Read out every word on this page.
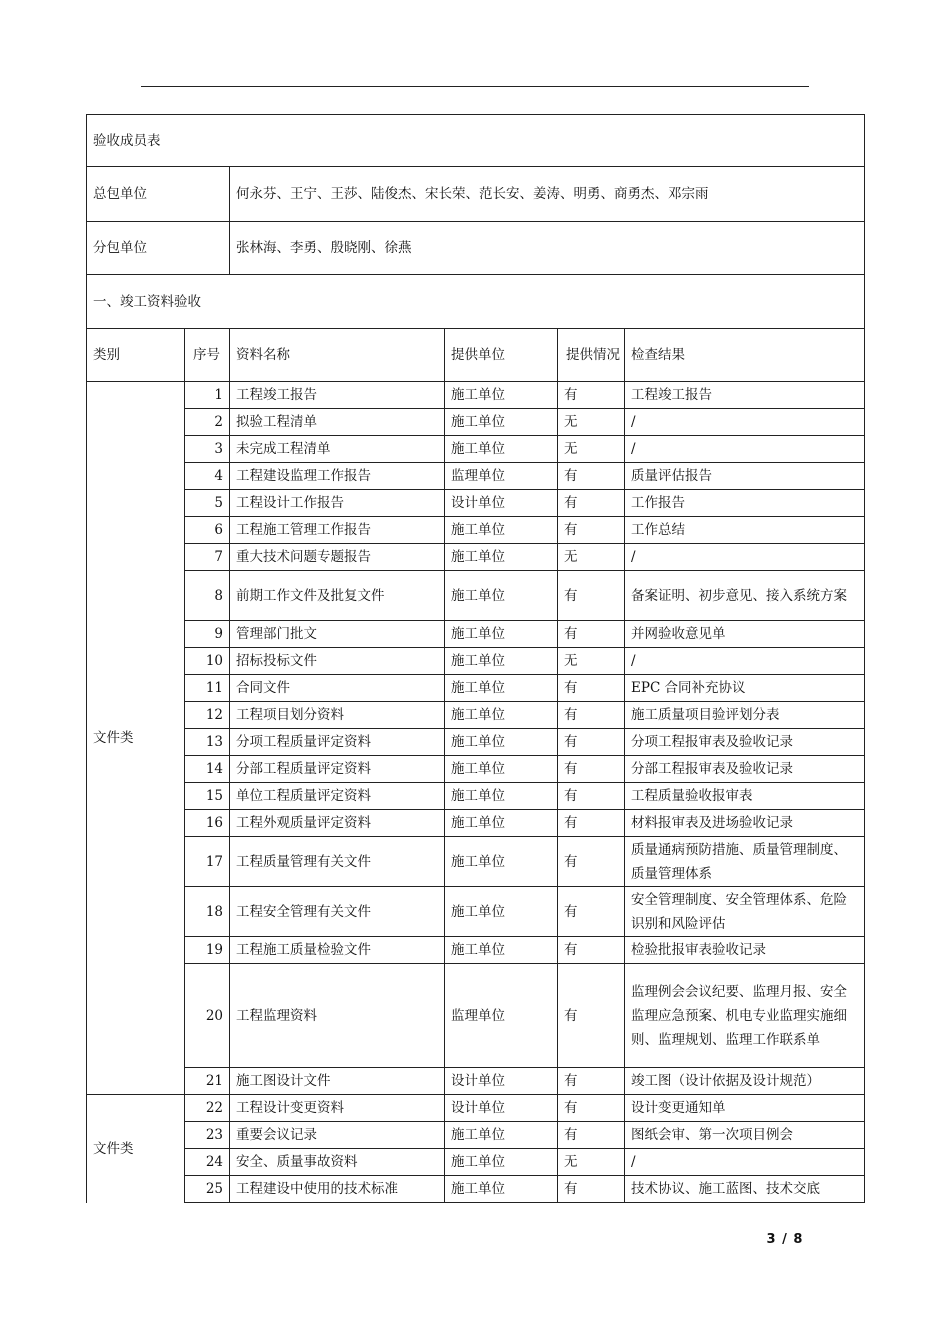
验收成员表					
总包单位		何永芬、王宁、王莎、陆俊杰、宋长荣、范长安、姜涛、明勇、商勇杰、邓宗雨			
分包单位		张林海、李勇、殷晓刚、徐燕			
一、竣工资料验收					
类别	序号	资料名称	提供单位	提供情况	检查结果
文件类	1	工程竣工报告	施工单位	有	工程竣工报告
	2	拟验工程清单	施工单位	无	/
	3	未完成工程清单	施工单位	无	/
	4	工程建设监理工作报告	监理单位	有	质量评估报告
	5	工程设计工作报告	设计单位	有	工作报告
	6	工程施工管理工作报告	施工单位	有	工作总结
	7	重大技术问题专题报告	施工单位	无	/
	8	前期工作文件及批复文件	施工单位	有	备案证明、初步意见、接入系统方案
	9	管理部门批文	施工单位	有	并网验收意见单
	10	招标投标文件	施工单位	无	/
	11	合同文件	施工单位	有	EPC 合同补充协议
	12	工程项目划分资料	施工单位	有	施工质量项目验评划分表
	13	分项工程质量评定资料	施工单位	有	分项工程报审表及验收记录
	14	分部工程质量评定资料	施工单位	有	分部工程报审表及验收记录
	15	单位工程质量评定资料	施工单位	有	工程质量验收报审表
	16	工程外观质量评定资料	施工单位	有	材料报审表及进场验收记录
	17	工程质量管理有关文件	施工单位	有	质量通病预防措施、质量管理制度、质量管理体系
	18	工程安全管理有关文件	施工单位	有	安全管理制度、安全管理体系、危险识别和风险评估
	19	工程施工质量检验文件	施工单位	有	检验批报审表验收记录
	20	工程监理资料	监理单位	有	监理例会会议纪要、监理月报、安全监理应急预案、机电专业监理实施细则、监理规划、监理工作联系单
	21	施工图设计文件	设计单位	有	竣工图（设计依据及设计规范）
文件类	22	工程设计变更资料	设计单位	有	设计变更通知单
	23	重要会议记录	施工单位	有	图纸会审、第一次项目例会
	24	安全、质量事故资料	施工单位	无	/
	25	工程建设中使用的技术标准	施工单位	有	技术协议、施工蓝图、技术交底
3 / 8
